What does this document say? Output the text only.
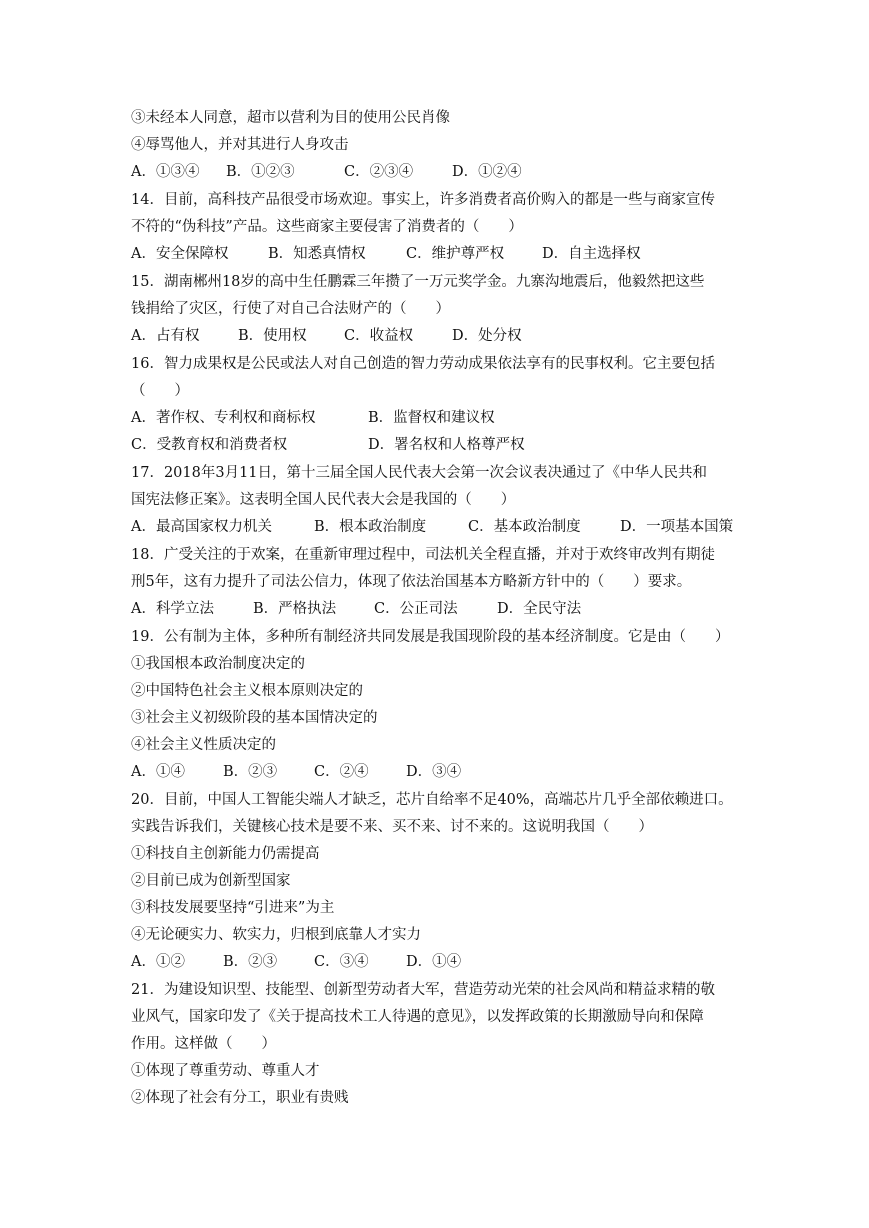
③未经本人同意，超市以营利为目的使用公民肖像
④辱骂他人，并对其进行人身攻击
A．①③④ B．①②③	C．②③④	D．①②④
14．目前，高科技产品很受市场欢迎。事实上，许多消费者高价购入的都是一些与商家宣传
不符的“伪科技”产品。这些商家主要侵害了消费者的（　　）
A．安全保障权	B．知悉真情权	C．维护尊严权	D．自主选择权
15．湖南郴州18岁的高中生任鹏霖三年攒了一万元奖学金。九寨沟地震后，他毅然把这些
钱捐给了灾区，行使了对自己合法财产的（　　）
A．占有权	B．使用权	C．收益权	D．处分权
16．智力成果权是公民或法人对自己创造的智力劳动成果依法享有的民事权利。它主要包括
（　　）
A．著作权、专利权和商标权	B．监督权和建议权
C．受教育权和消费者权	D．署名权和人格尊严权
17．2018年3月11日，第十三届全国人民代表大会第一次会议表决通过了《中华人民共和
国宪法修正案》。这表明全国人民代表大会是我国的（　　）
A．最高国家权力机关	B．根本政治制度	C．基本政治制度	D．一项基本国策
18．广受关注的于欢案，在重新审理过程中，司法机关全程直播，并对于欢终审改判有期徒
刑5年，这有力提升了司法公信力，体现了依法治国基本方略新方针中的（　　）要求。
A．科学立法	B．严格执法	C．公正司法	D．全民守法
19．公有制为主体，多种所有制经济共同发展是我国现阶段的基本经济制度。它是由（　　）
①我国根本政治制度决定的
②中国特色社会主义根本原则决定的
③社会主义初级阶段的基本国情决定的
④社会主义性质决定的
A．①④	B．②③	C．②④	D．③④
20．目前，中国人工智能尖端人才缺乏，芯片自给率不足40%，高端芯片几乎全部依赖进口。
实践告诉我们，关键核心技术是要不来、买不来、讨不来的。这说明我国（　　）
①科技自主创新能力仍需提高
②目前已成为创新型国家
③科技发展要坚持“引进来”为主
④无论硬实力、软实力，归根到底靠人才实力
A．①②	B．②③	C．③④	D．①④
21．为建设知识型、技能型、创新型劳动者大军，营造劳动光荣的社会风尚和精益求精的敬
业风气，国家印发了《关于提高技术工人待遇的意见》，以发挥政策的长期激励导向和保障
作用。这样做（　　）
①体现了尊重劳动、尊重人才
②体现了社会有分工，职业有贵贱
